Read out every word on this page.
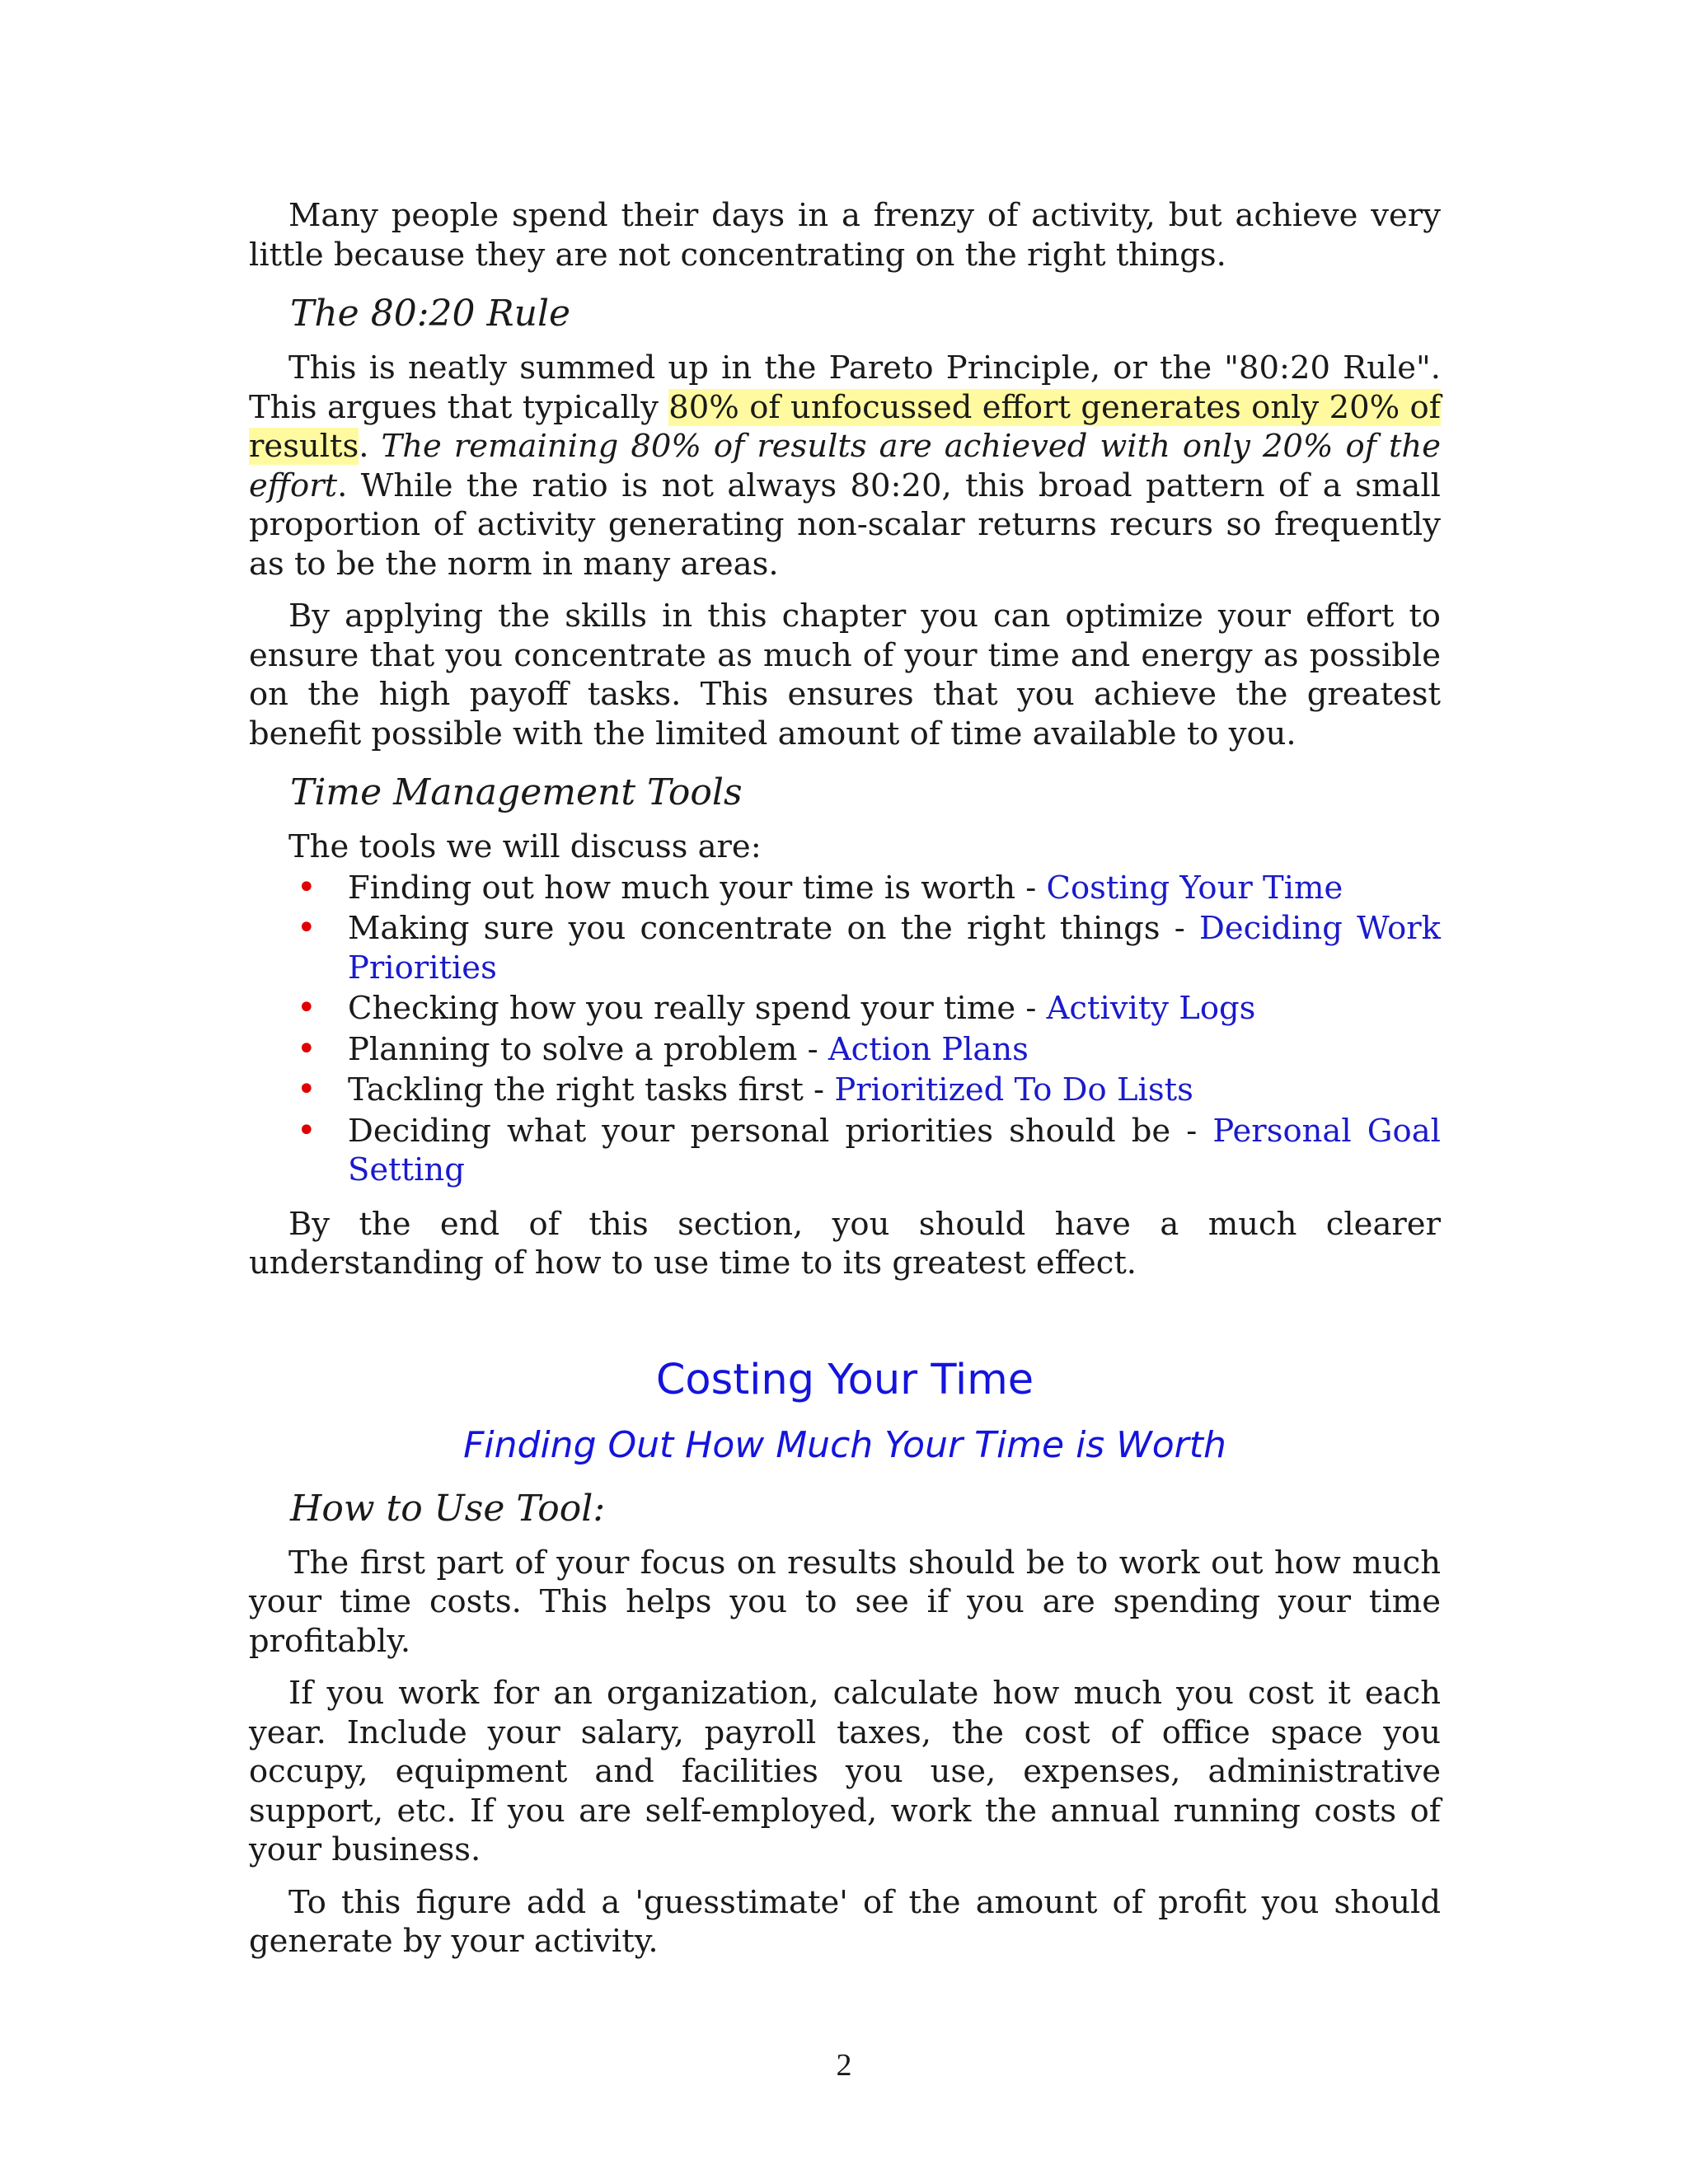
Many people spend their days in a frenzy of activity, but achieve very little because they are not concentrating on the right things.

The 80:20 Rule

This is neatly summed up in the Pareto Principle, or the "80:20 Rule". This argues that typically 80% of unfocussed effort generates only 20% of results. The remaining 80% of results are achieved with only 20% of the effort. While the ratio is not always 80:20, this broad pattern of a small proportion of activity generating non-scalar returns recurs so frequently as to be the norm in many areas.

By applying the skills in this chapter you can optimize your effort to ensure that you concentrate as much of your time and energy as possible on the high payoff tasks. This ensures that you achieve the greatest benefit possible with the limited amount of time available to you.

Time Management Tools

The tools we will discuss are:

• Finding out how much your time is worth - Costing Your Time
• Making sure you concentrate on the right things - Deciding Work Priorities
• Checking how you really spend your time - Activity Logs
• Planning to solve a problem - Action Plans
• Tackling the right tasks first - Prioritized To Do Lists
• Deciding what your personal priorities should be - Personal Goal Setting

By the end of this section, you should have a much clearer understanding of how to use time to its greatest effect.

Costing Your Time
Finding Out How Much Your Time is Worth
How to Use Tool:

The first part of your focus on results should be to work out how much your time costs. This helps you to see if you are spending your time profitably.

If you work for an organization, calculate how much you cost it each year. Include your salary, payroll taxes, the cost of office space you occupy, equipment and facilities you use, expenses, administrative support, etc. If you are self-employed, work the annual running costs of your business.

To this figure add a 'guesstimate' of the amount of profit you should generate by your activity.

2
